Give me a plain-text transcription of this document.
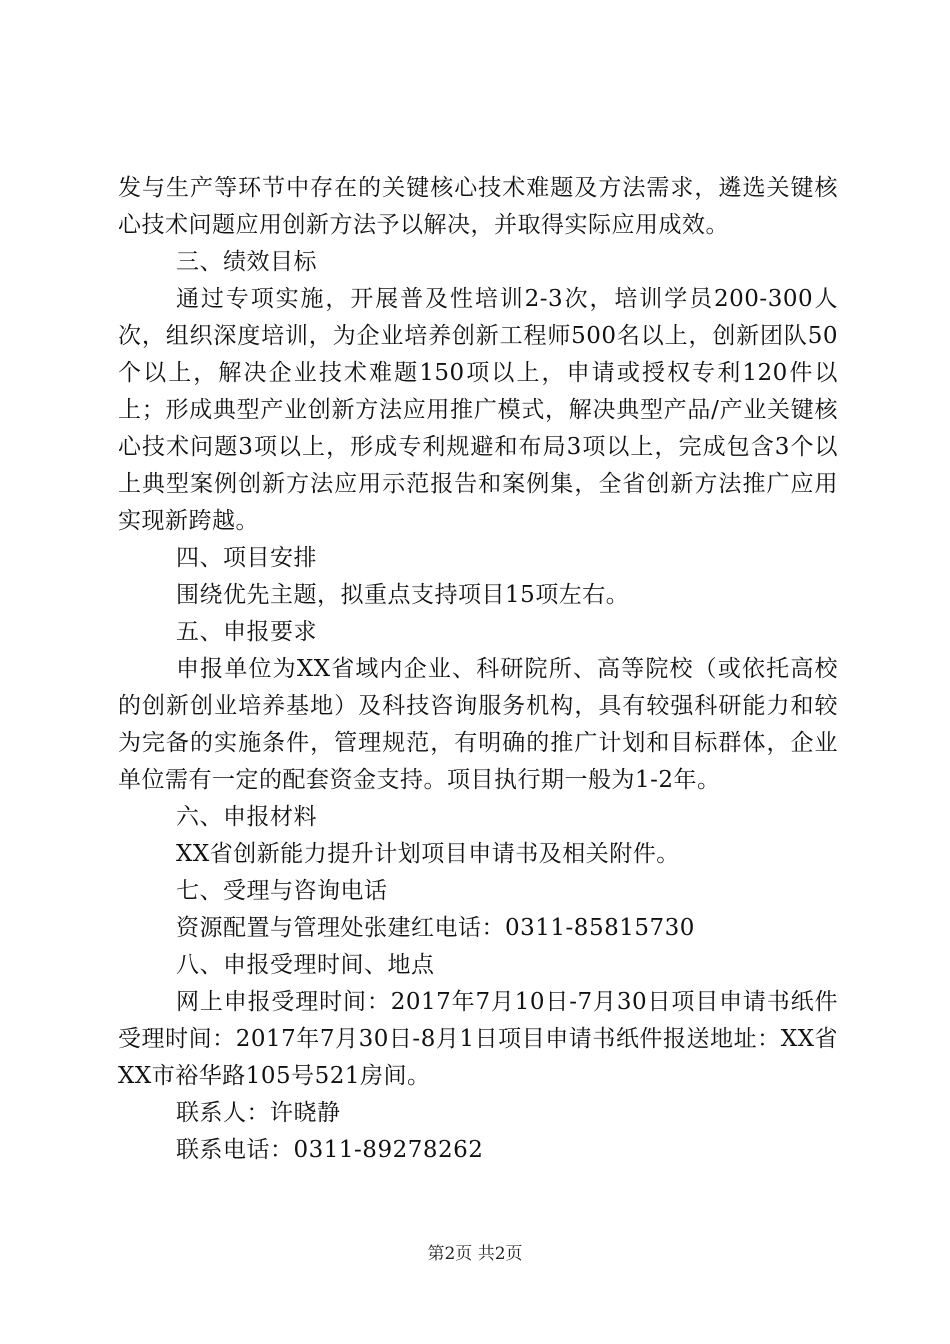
发与生产等环节中存在的关键核心技术难题及方法需求，遴选关键核心技术问题应用创新方法予以解决，并取得实际应用成效。

三、绩效目标

通过专项实施，开展普及性培训2-3次，培训学员200-300人次，组织深度培训，为企业培养创新工程师500名以上，创新团队50个以上，解决企业技术难题150项以上，申请或授权专利120件以上；形成典型产业创新方法应用推广模式，解决典型产品/产业关键核心技术问题3项以上，形成专利规避和布局3项以上，完成包含3个以上典型案例创新方法应用示范报告和案例集，全省创新方法推广应用实现新跨越。

四、项目安排

围绕优先主题，拟重点支持项目15项左右。

五、申报要求

申报单位为XX省域内企业、科研院所、高等院校（或依托高校的创新创业培养基地）及科技咨询服务机构，具有较强科研能力和较为完备的实施条件，管理规范，有明确的推广计划和目标群体，企业单位需有一定的配套资金支持。项目执行期一般为1-2年。

六、申报材料

XX省创新能力提升计划项目申请书及相关附件。

七、受理与咨询电话

资源配置与管理处张建红电话：0311-85815730

八、申报受理时间、地点

网上申报受理时间：2017年7月10日-7月30日项目申请书纸件受理时间：2017年7月30日-8月1日项目申请书纸件报送地址：XX省XX市裕华路105号521房间。

联系人：许晓静

联系电话：0311-89278262

第2页 共2页
